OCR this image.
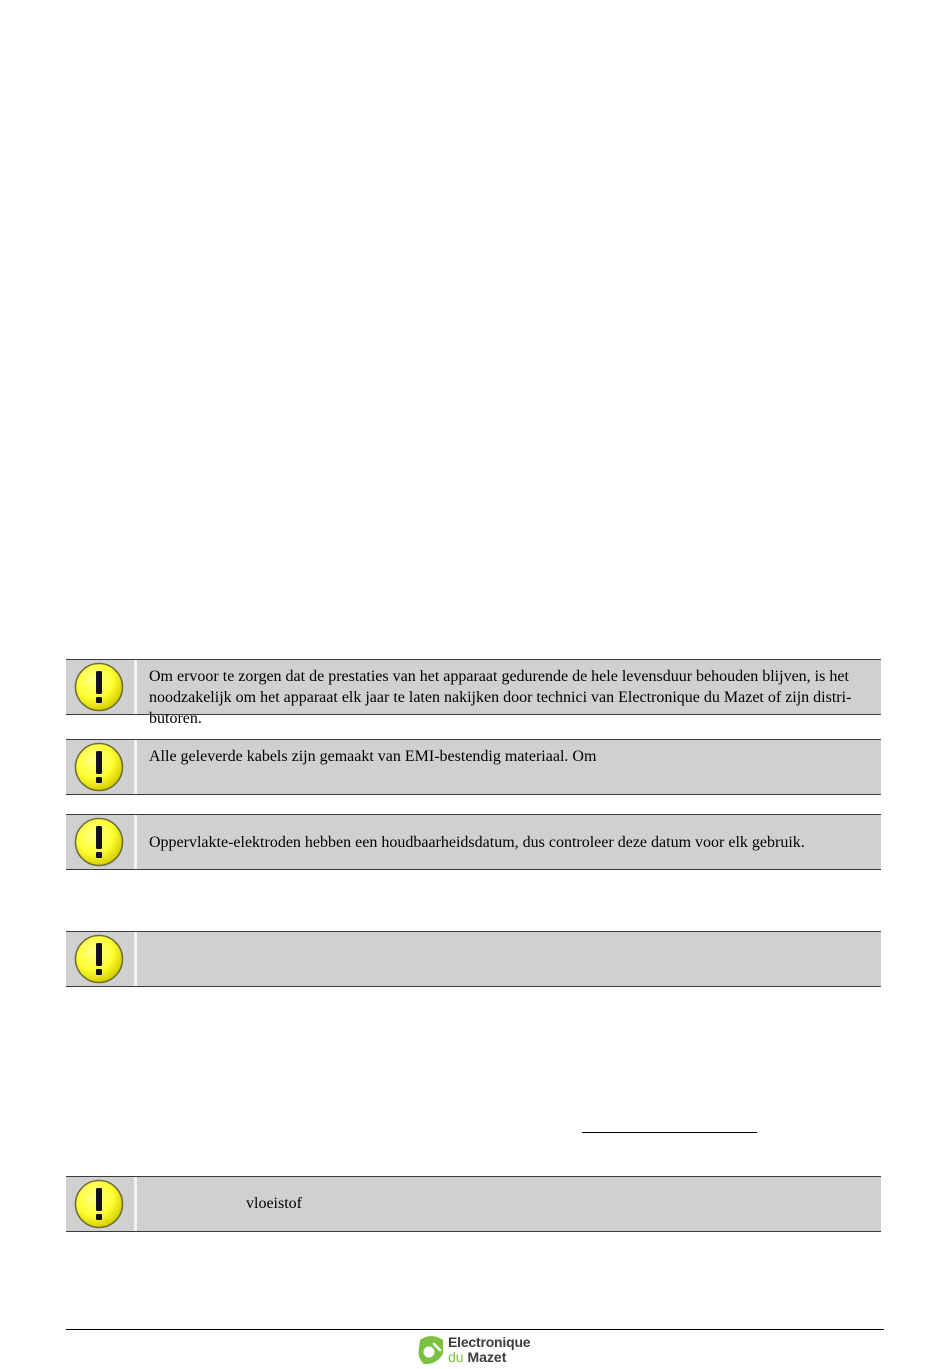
Om ervoor te zorgen dat de prestaties van het apparaat gedurende de hele levensduur behouden blijven, is het noodzakelijk om het apparaat elk jaar te laten nakijken door technici van Electronique du Mazet of zijn distri-butoren.
Alle geleverde kabels zijn gemaakt van EMI-bestendig materiaal. Om
Oppervlakte-elektroden hebben een houdbaarheidsdatum, dus controleer deze datum voor elk gebruik.
vloeistof
Electronique
du Mazet
